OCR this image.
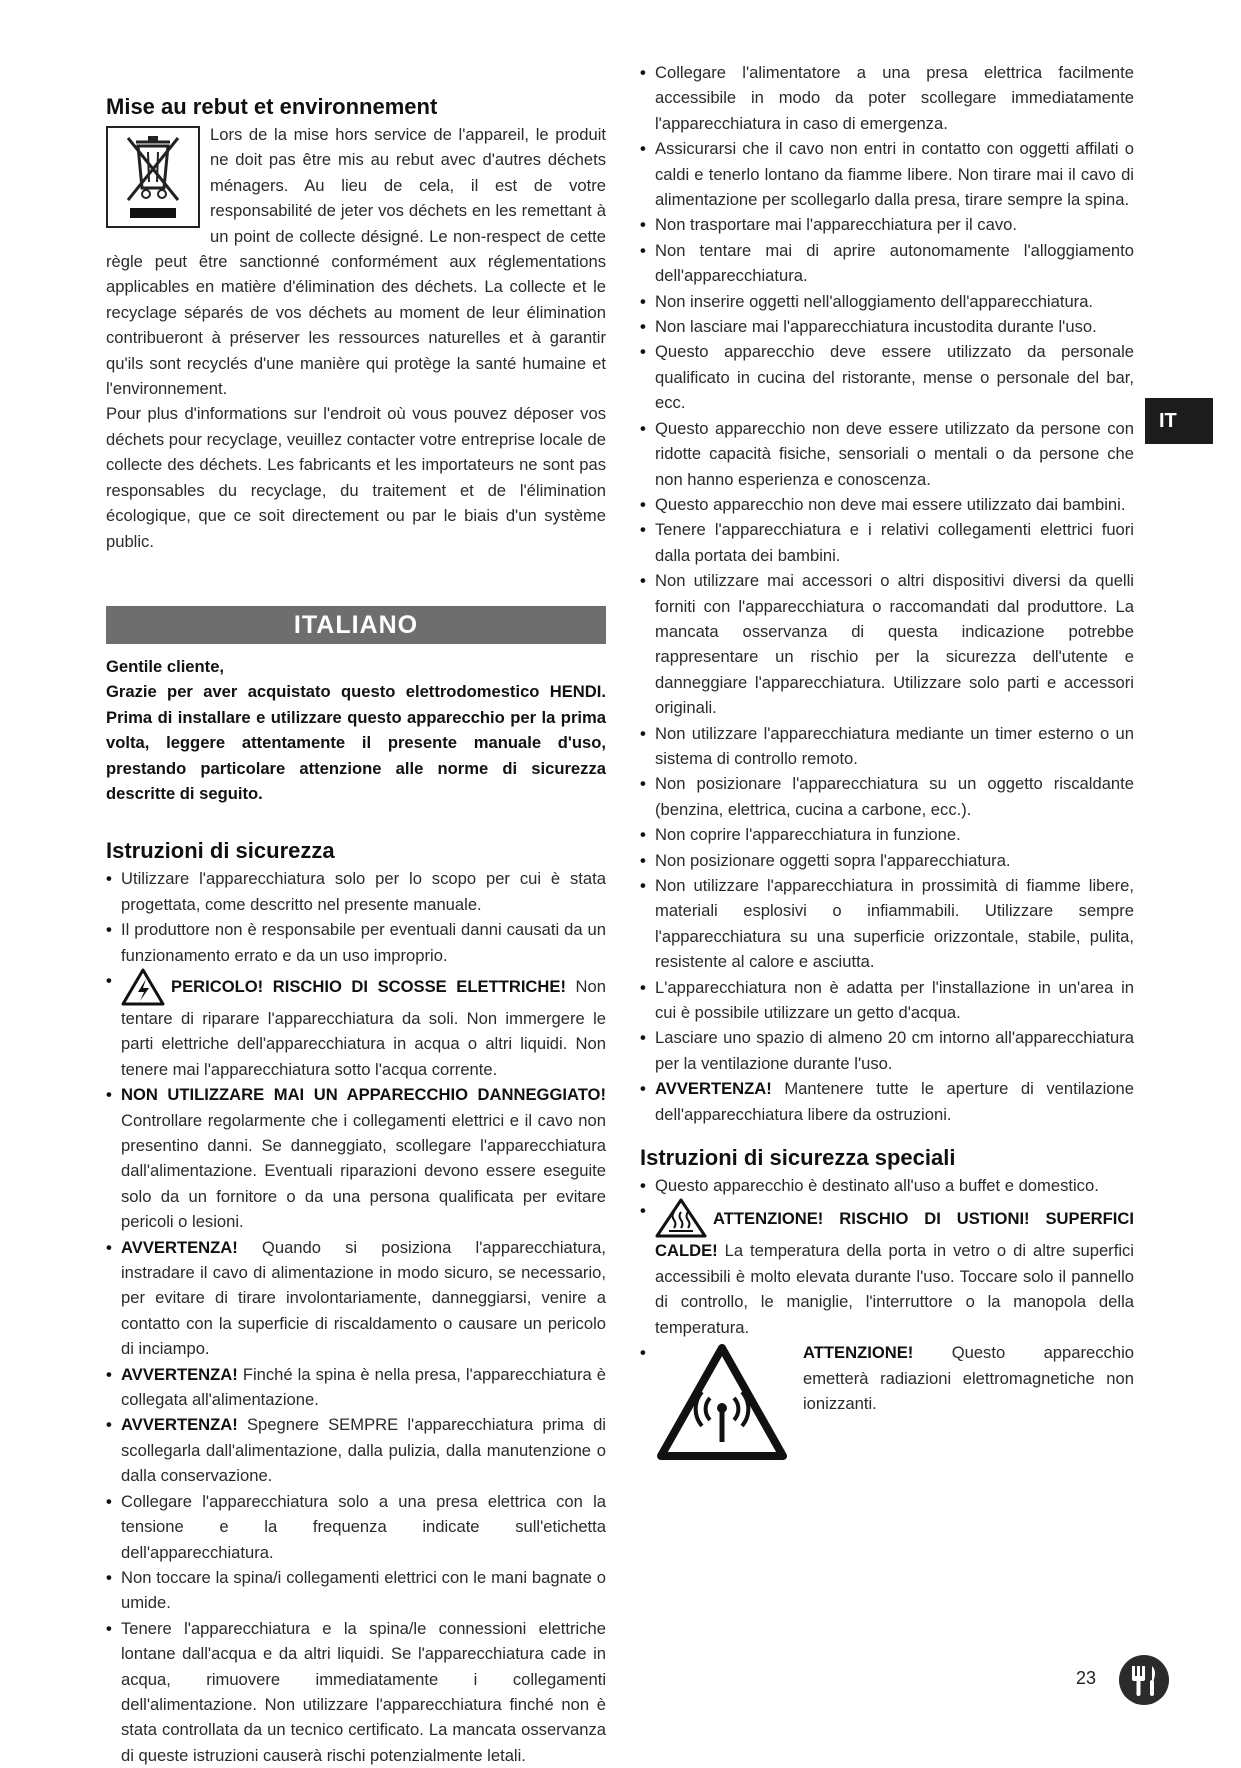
Mise au rebut et environnement

Lors de la mise hors service de l'appareil, le produit ne doit pas être mis au rebut avec d'autres déchets ménagers. Au lieu de cela, il est de votre responsabilité de jeter vos déchets en les remettant à un point de collecte désigné. Le non-respect de cette règle peut être sanctionné conformément aux réglementations applicables en matière d'élimination des déchets. La collecte et le recyclage séparés de vos déchets au moment de leur élimination contribueront à préserver les ressources naturelles et à garantir qu'ils sont recyclés d'une manière qui protège la santé humaine et l'environnement.

Pour plus d'informations sur l'endroit où vous pouvez déposer vos déchets pour recyclage, veuillez contacter votre entreprise locale de collecte des déchets. Les fabricants et les importateurs ne sont pas responsables du recyclage, du traitement et de l'élimination écologique, que ce soit directement ou par le biais d'un système public.

ITALIANO

Gentile cliente,

Grazie per aver acquistato questo elettrodomestico HENDI. Prima di installare e utilizzare questo apparecchio per la prima volta, leggere attentamente il presente manuale d'uso, prestando particolare attenzione alle norme di sicurezza descritte di seguito.

Istruzioni di sicurezza
• Utilizzare l'apparecchiatura solo per lo scopo per cui è stata progettata, come descritto nel presente manuale.
• Il produttore non è responsabile per eventuali danni causati da un funzionamento errato e da un uso improprio.
• PERICOLO! RISCHIO DI SCOSSE ELETTRICHE! Non tentare di riparare l'apparecchiatura da soli. Non immergere le parti elettriche dell'apparecchiatura in acqua o altri liquidi. Non tenere mai l'apparecchiatura sotto l'acqua corrente.
• NON UTILIZZARE MAI UN APPARECCHIO DANNEGGIATO! Controllare regolarmente che i collegamenti elettrici e il cavo non presentino danni. Se danneggiato, scollegare l'apparecchiatura dall'alimentazione. Eventuali riparazioni devono essere eseguite solo da un fornitore o da una persona qualificata per evitare pericoli o lesioni.
• AVVERTENZA! Quando si posiziona l'apparecchiatura, instradare il cavo di alimentazione in modo sicuro, se necessario, per evitare di tirare involontariamente, danneggiarsi, venire a contatto con la superficie di riscaldamento o causare un pericolo di inciampo.
• AVVERTENZA! Finché la spina è nella presa, l'apparecchiatura è collegata all'alimentazione.
• AVVERTENZA! Spegnere SEMPRE l'apparecchiatura prima di scollegarla dall'alimentazione, dalla pulizia, dalla manutenzione o dalla conservazione.
• Collegare l'apparecchiatura solo a una presa elettrica con la tensione e la frequenza indicate sull'etichetta dell'apparecchiatura.
• Non toccare la spina/i collegamenti elettrici con le mani bagnate o umide.
• Tenere l'apparecchiatura e la spina/le connessioni elettriche lontane dall'acqua e da altri liquidi. Se l'apparecchiatura cade in acqua, rimuovere immediatamente i collegamenti dell'alimentazione. Non utilizzare l'apparecchiatura finché non è stata controllata da un tecnico certificato. La mancata osservanza di queste istruzioni causerà rischi potenzialmente letali.
• Collegare l'alimentatore a una presa elettrica facilmente accessibile in modo da poter scollegare immediatamente l'apparecchiatura in caso di emergenza.
• Assicurarsi che il cavo non entri in contatto con oggetti affilati o caldi e tenerlo lontano da fiamme libere. Non tirare mai il cavo di alimentazione per scollegarlo dalla presa, tirare sempre la spina.
• Non trasportare mai l'apparecchiatura per il cavo.
• Non tentare mai di aprire autonomamente l'alloggiamento dell'apparecchiatura.
• Non inserire oggetti nell'alloggiamento dell'apparecchiatura.
• Non lasciare mai l'apparecchiatura incustodita durante l'uso.
• Questo apparecchio deve essere utilizzato da personale qualificato in cucina del ristorante, mense o personale del bar, ecc.
• Questo apparecchio non deve essere utilizzato da persone con ridotte capacità fisiche, sensoriali o mentali o da persone che non hanno esperienza e conoscenza.
• Questo apparecchio non deve mai essere utilizzato dai bambini.
• Tenere l'apparecchiatura e i relativi collegamenti elettrici fuori dalla portata dei bambini.
• Non utilizzare mai accessori o altri dispositivi diversi da quelli forniti con l'apparecchiatura o raccomandati dal produttore. La mancata osservanza di questa indicazione potrebbe rappresentare un rischio per la sicurezza dell'utente e danneggiare l'apparecchiatura. Utilizzare solo parti e accessori originali.
• Non utilizzare l'apparecchiatura mediante un timer esterno o un sistema di controllo remoto.
• Non posizionare l'apparecchiatura su un oggetto riscaldante (benzina, elettrica, cucina a carbone, ecc.).
• Non coprire l'apparecchiatura in funzione.
• Non posizionare oggetti sopra l'apparecchiatura.
• Non utilizzare l'apparecchiatura in prossimità di fiamme libere, materiali esplosivi o infiammabili. Utilizzare sempre l'apparecchiatura su una superficie orizzontale, stabile, pulita, resistente al calore e asciutta.
• L'apparecchiatura non è adatta per l'installazione in un'area in cui è possibile utilizzare un getto d'acqua.
• Lasciare uno spazio di almeno 20 cm intorno all'apparecchiatura per la ventilazione durante l'uso.
• AVVERTENZA! Mantenere tutte le aperture di ventilazione dell'apparecchiatura libere da ostruzioni.
Istruzioni di sicurezza speciali
• Questo apparecchio è destinato all'uso a buffet e domestico.
• ATTENZIONE! RISCHIO DI USTIONI! SUPERFICI CALDE! La temperatura della porta in vetro o di altre superfici accessibili è molto elevata durante l'uso. Toccare solo il pannello di controllo, le maniglie, l'interruttore o la manopola della temperatura.
• ATTENZIONE! Questo apparecchio emetterà radiazioni elettromagnetiche non ionizzanti.
IT
23
